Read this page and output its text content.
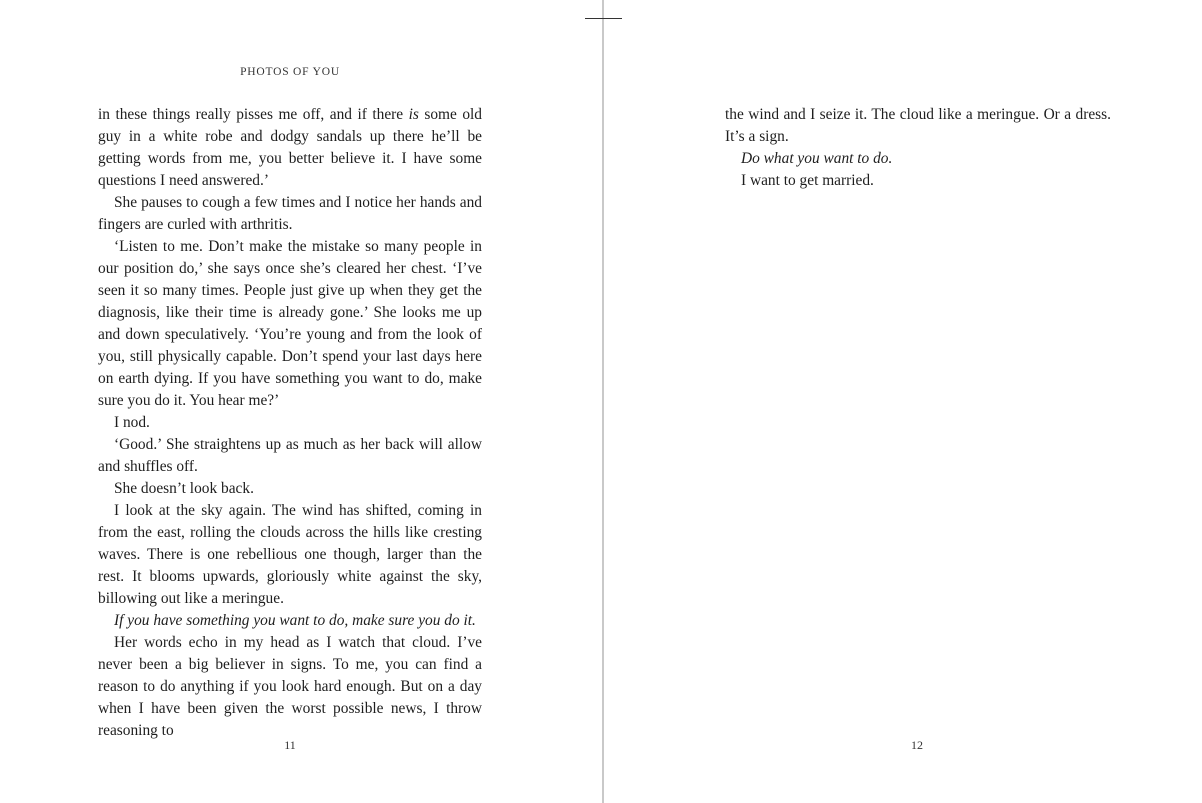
PHOTOS OF YOU

in these things really pisses me off, and if there is some old guy in a white robe and dodgy sandals up there he’ll be getting words from me, you better believe it. I have some questions I need answered.’

She pauses to cough a few times and I notice her hands and fingers are curled with arthritis.

‘Listen to me. Don’t make the mistake so many people in our position do,’ she says once she’s cleared her chest. ‘I’ve seen it so many times. People just give up when they get the diagnosis, like their time is already gone.’ She looks me up and down speculatively. ‘You’re young and from the look of you, still physically capable. Don’t spend your last days here on earth dying. If you have something you want to do, make sure you do it. You hear me?’

I nod.

‘Good.’ She straightens up as much as her back will allow and shuffles off.

She doesn’t look back.

I look at the sky again. The wind has shifted, coming in from the east, rolling the clouds across the hills like cresting waves. There is one rebellious one though, larger than the rest. It blooms upwards, gloriously white against the sky, billowing out like a meringue.

If you have something you want to do, make sure you do it.

Her words echo in my head as I watch that cloud. I’ve never been a big believer in signs. To me, you can find a reason to do anything if you look hard enough. But on a day when I have been given the worst possible news, I throw reasoning to

11

the wind and I seize it. The cloud like a meringue. Or a dress. It’s a sign.

Do what you want to do.

I want to get married.

12
